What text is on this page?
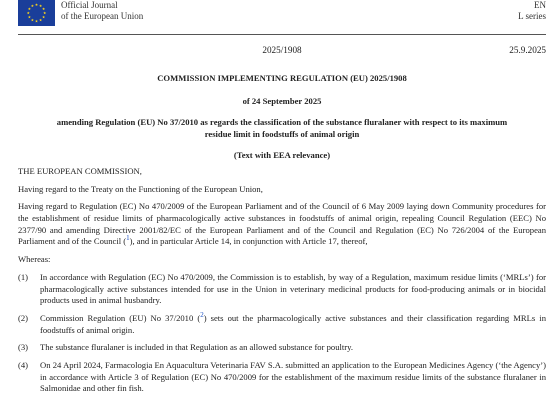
Official Journal
of the European Union
EN
L series
2025/1908	25.9.2025
COMMISSION IMPLEMENTING REGULATION (EU) 2025/1908
of 24 September 2025
amending Regulation (EU) No 37/2010 as regards the classification of the substance fluralaner with respect to its maximum
residue limit in foodstuffs of animal origin
(Text with EEA relevance)

THE EUROPEAN COMMISSION,

Having regard to the Treaty on the Functioning of the European Union,

Having regard to Regulation (EC) No 470/2009 of the European Parliament and of the Council of 6 May 2009 laying down Community procedures for the establishment of residue limits of pharmacologically active substances in foodstuffs of animal origin, repealing Council Regulation (EEC) No 2377/90 and amending Directive 2001/82/EC of the European Parliament and of the Council and Regulation (EC) No 726/2004 of the European Parliament and of the Council ($^1$), and in particular Article 14, in conjunction with Article 17, thereof,

Whereas:

(1)	In accordance with Regulation (EC) No 470/2009, the Commission is to establish, by way of a Regulation, maximum residue limits (‘MRLs’) for pharmacologically active substances intended for use in the Union in veterinary medicinal products for food-producing animals or in biocidal products used in animal husbandry.
(2)	Commission Regulation (EU) No 37/2010 ($^2$) sets out the pharmacologically active substances and their classification regarding MRLs in foodstuffs of animal origin.
(3)	The substance fluralaner is included in that Regulation as an allowed substance for poultry.
(4)	On 24 April 2024, Farmacologia En Aquacultura Veterinaria FAV S.A. submitted an application to the European Medicines Agency (‘the Agency’) in accordance with Article 3 of Regulation (EC) No 470/2009 for the establishment of the maximum residue limits of the substance fluralaner in Salmonidae and other fin fish.
